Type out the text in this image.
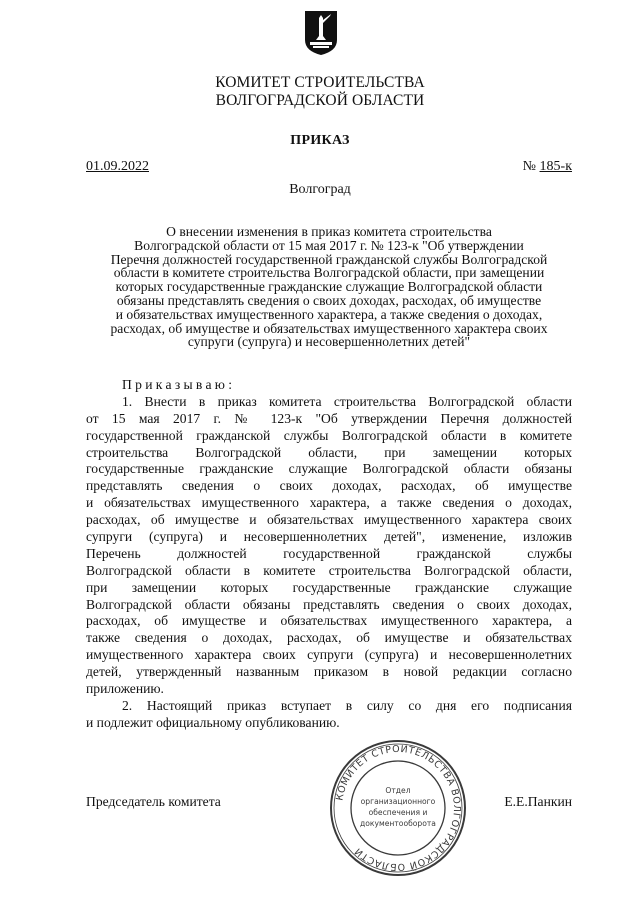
КОМИТЕТ СТРОИТЕЛЬСТВА
ВОЛГОГРАДСКОЙ ОБЛАСТИ
ПРИКАЗ
01.09.2022	№ 185-к
Волгоград
О внесении изменения в приказ комитета строительства
Волгоградской области от 15 мая 2017 г. № 123-к "Об утверждении
Перечня должностей государственной гражданской службы Волгоградской
области в комитете строительства Волгоградской области, при замещении
которых государственные гражданские служащие Волгоградской области
обязаны представлять сведения о своих доходах, расходах, об имуществе
и обязательствах имущественного характера, а также сведения о доходах,
расходах, об имуществе и обязательствах имущественного характера своих
супруги (супруга) и несовершеннолетних детей"
Приказываю:
1. Внести в приказ комитета строительства Волгоградской области
от 15 мая 2017 г. № 123-к "Об утверждении Перечня должностей
государственной гражданской службы Волгоградской области в комитете
строительства Волгоградской области, при замещении которых
государственные гражданские служащие Волгоградской области обязаны
представлять сведения о своих доходах, расходах, об имуществе
и обязательствах имущественного характера, а также сведения о доходах,
расходах, об имуществе и обязательствах имущественного характера своих
супруги (супруга) и несовершеннолетних детей", изменение, изложив
Перечень должностей государственной гражданской службы
Волгоградской области в комитете строительства Волгоградской области,
при замещении которых государственные гражданские служащие
Волгоградской области обязаны представлять сведения о своих доходах,
расходах, об имуществе и обязательствах имущественного характера, а
также сведения о доходах, расходах, об имуществе и обязательствах
имущественного характера своих супруги (супруга) и несовершеннолетних
детей, утвержденный названным приказом в новой редакции согласно
приложению.
2. Настоящий приказ вступает в силу со дня его подписания
и подлежит официальному опубликованию.
Председатель комитета	Е.Е.Панкин
КОМИТЕТ СТРОИТЕЛЬСТВА ВОЛГОГРАДСКОЙ ОБЛАСТИ
Отдел
организационного
обеспечения и
документооборота
